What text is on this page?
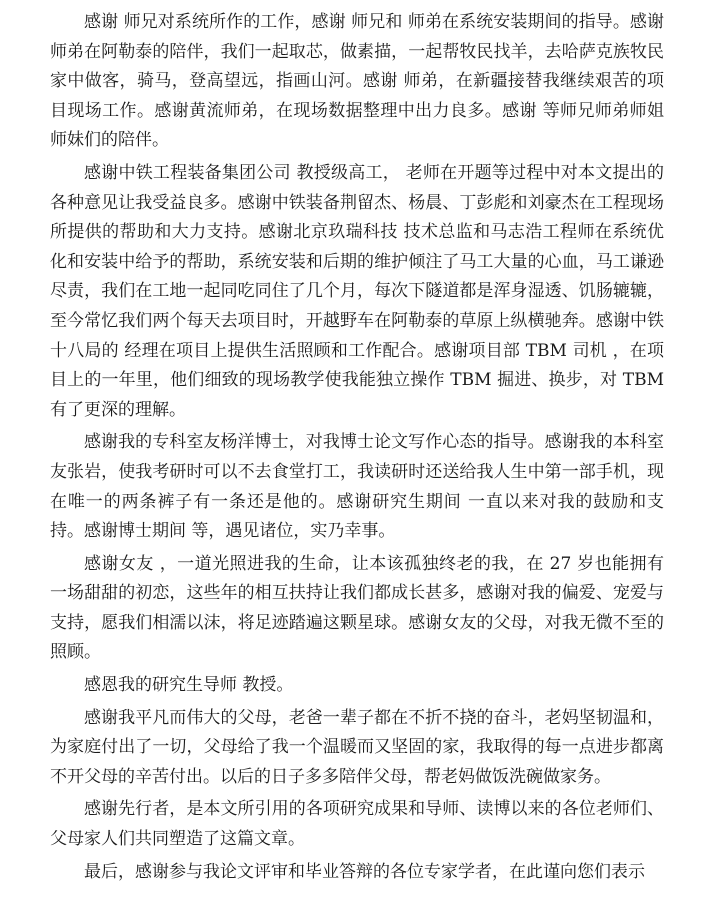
感谢 师兄对系统所作的工作，感谢 师兄和 师弟在系统安装期间的指导。感谢 师弟在阿勒泰的陪伴，我们一起取芯，做素描，一起帮牧民找羊，去哈萨克族牧民家中做客，骑马，登高望远，指画山河。感谢 师弟，在新疆接替我继续艰苦的项目现场工作。感谢黄流师弟，在现场数据整理中出力良多。感谢 等师兄师弟师姐师妹们的陪伴。

感谢中铁工程装备集团公司 教授级高工， 老师在开题等过程中对本文提出的各种意见让我受益良多。感谢中铁装备荆留杰、杨晨、丁彭彪和刘豪杰在工程现场所提供的帮助和大力支持。感谢北京玖瑞科技 技术总监和马志浩工程师在系统优化和安装中给予的帮助，系统安装和后期的维护倾注了马工大量的心血，马工谦逊尽责，我们在工地一起同吃同住了几个月，每次下隧道都是浑身湿透、饥肠辘辘，至今常忆我们两个每天去项目时，开越野车在阿勒泰的草原上纵横驰奔。感谢中铁十八局的 经理在项目上提供生活照顾和工作配合。感谢项目部 TBM 司机 ，在项目上的一年里，他们细致的现场教学使我能独立操作 TBM 掘进、换步，对 TBM 有了更深的理解。

感谢我的专科室友杨洋博士，对我博士论文写作心态的指导。感谢我的本科室友张岩，使我考研时可以不去食堂打工，我读研时还送给我人生中第一部手机，现在唯一的两条裤子有一条还是他的。感谢研究生期间 一直以来对我的鼓励和支持。感谢博士期间 等，遇见诸位，实乃幸事。

感谢女友 ，一道光照进我的生命，让本该孤独终老的我，在 27 岁也能拥有一场甜甜的初恋，这些年的相互扶持让我们都成长甚多，感谢对我的偏爱、宠爱与支持，愿我们相濡以沫，将足迹踏遍这颗星球。感谢女友的父母，对我无微不至的照顾。

感恩我的研究生导师 教授。

感谢我平凡而伟大的父母，老爸一辈子都在不折不挠的奋斗，老妈坚韧温和，为家庭付出了一切，父母给了我一个温暖而又坚固的家，我取得的每一点进步都离不开父母的辛苦付出。以后的日子多多陪伴父母，帮老妈做饭洗碗做家务。

感谢先行者，是本文所引用的各项研究成果和导师、读博以来的各位老师们、父母家人们共同塑造了这篇文章。

最后，感谢参与我论文评审和毕业答辩的各位专家学者，在此谨向您们表示
